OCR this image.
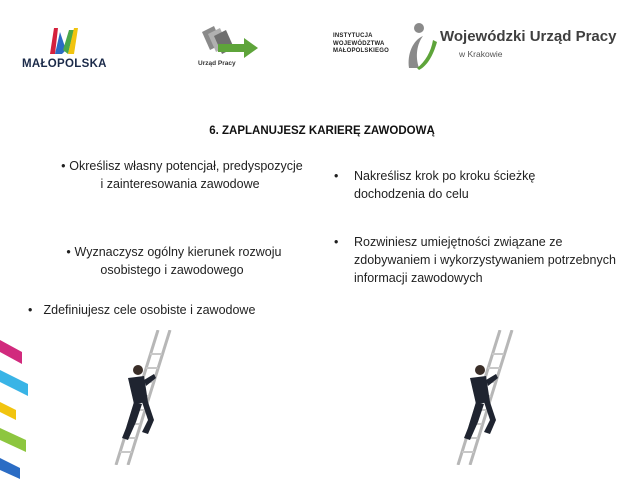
MAŁOPOLSKA	Urząd Pracy
INSTYTUCJA
WOJEWÓDZTWA
MAŁOPOLSKIEGO
Wojewódzki Urząd Pracy
w Krakowie
6. ZAPLANUJESZ KARIERĘ ZAWODOWĄ
• Określisz własny potencjał, predyspozycje i zainteresowania zawodowe
• Wyznaczysz ogólny kierunek rozwoju osobistego i zawodowego
• Zdefiniujesz cele osobiste i zawodowe
• Nakreślisz krok po kroku ścieżkę dochodzenia do celu
• Rozwiniesz umiejętności związane ze zdobywaniem i wykorzystywaniem potrzebnych informacji zawodowych
